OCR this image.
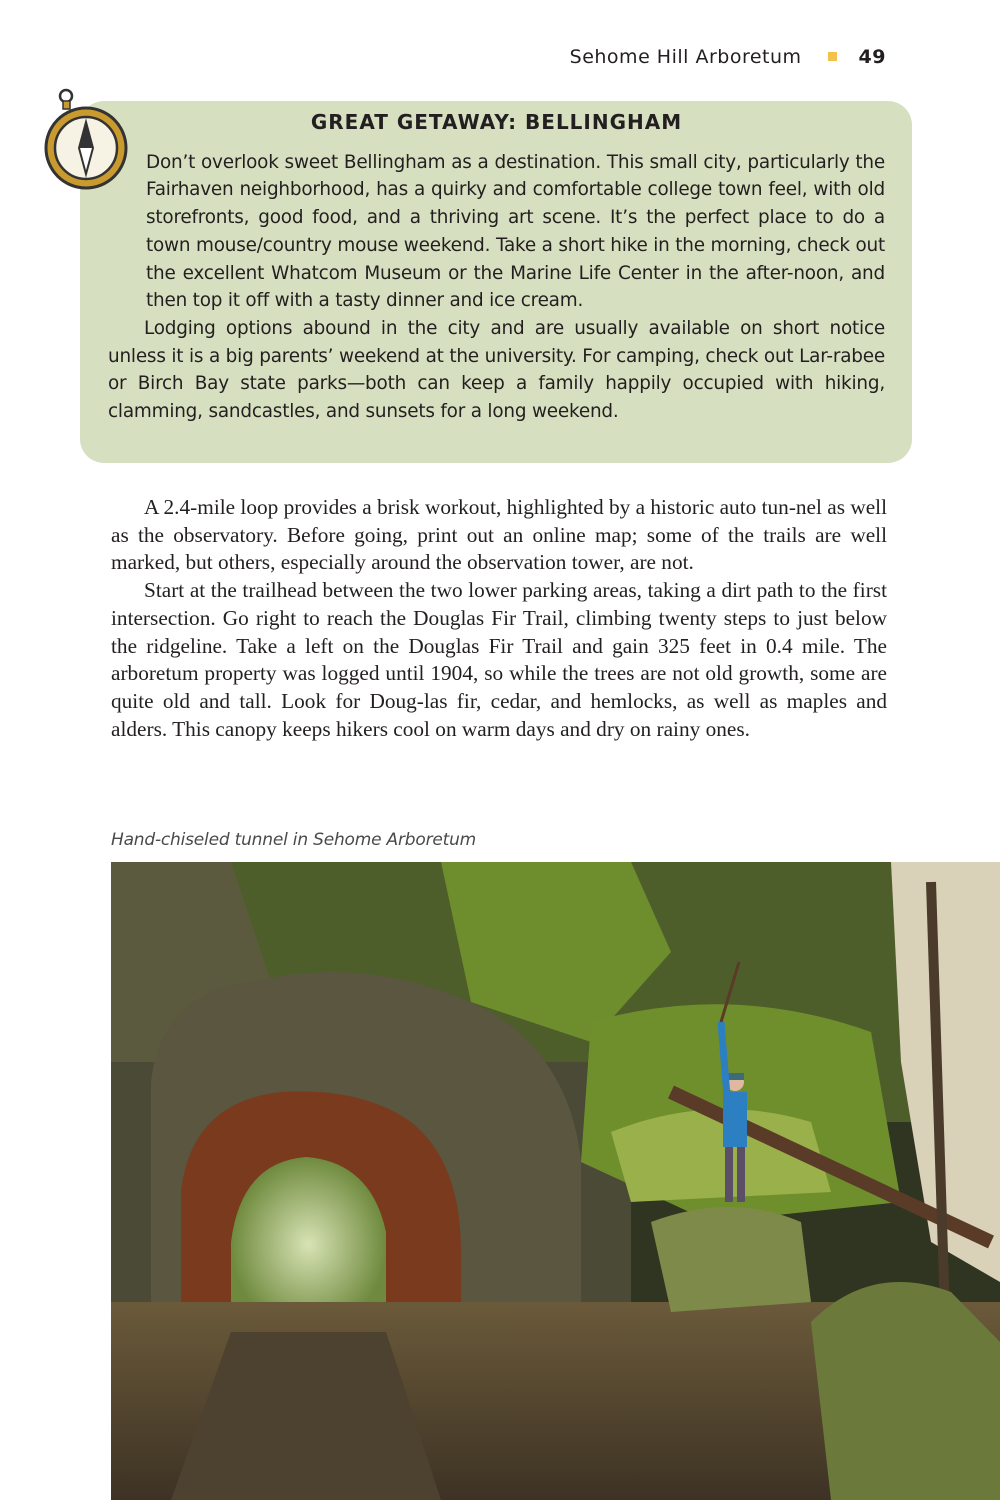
Sehome Hill Arboretum	49
GREAT GETAWAY: BELLINGHAM

Don’t overlook sweet Bellingham as a destination. This small city, particularly the Fairhaven neighborhood, has a quirky and comfortable college town feel, with old storefronts, good food, and a thriving art scene. It’s the perfect place to do a town mouse/country mouse weekend. Take a short hike in the morning, check out the excellent Whatcom Museum or the Marine Life Center in the after-noon, and then top it off with a tasty dinner and ice cream.

Lodging options abound in the city and are usually available on short notice unless it is a big parents’ weekend at the university. For camping, check out Lar-rabee or Birch Bay state parks—both can keep a family happily occupied with hiking, clamming, sandcastles, and sunsets for a long weekend.

A 2.4-mile loop provides a brisk workout, highlighted by a historic auto tun-nel as well as the observatory. Before going, print out an online map; some of the trails are well marked, but others, especially around the observation tower, are not.

Start at the trailhead between the two lower parking areas, taking a dirt path to the first intersection. Go right to reach the Douglas Fir Trail, climbing twenty steps to just below the ridgeline. Take a left on the Douglas Fir Trail and gain 325 feet in 0.4 mile. The arboretum property was logged until 1904, so while the trees are not old growth, some are quite old and tall. Look for Doug-las fir, cedar, and hemlocks, as well as maples and alders. This canopy keeps hikers cool on warm days and dry on rainy ones.

Hand-chiseled tunnel in Sehome Arboretum
